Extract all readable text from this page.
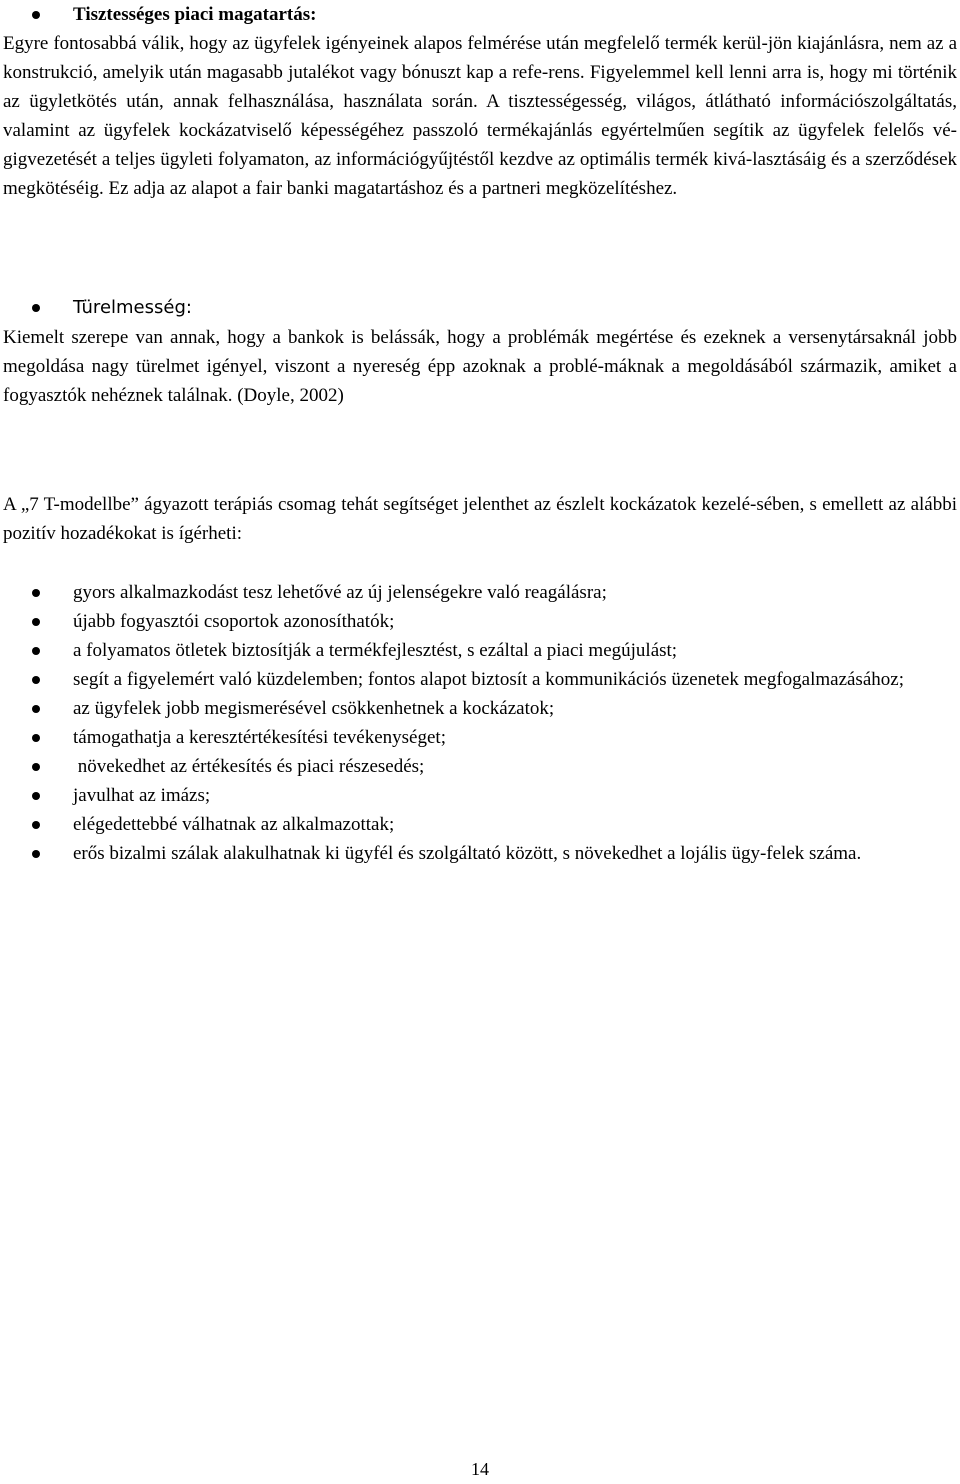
Tisztességes piaci magatartás:

Egyre fontosabbá válik, hogy az ügyfelek igényeinek alapos felmérése után megfelelő termék kerül-jön kiajánlásra, nem az a konstrukció, amelyik után magasabb jutalékot vagy bónuszt kap a refe-rens. Figyelemmel kell lenni arra is, hogy mi történik az ügyletkötés után, annak felhasználása, használata során. A tisztességesség, világos, átlátható információszolgáltatás, valamint az ügyfelek kockázatviselő képességéhez passzoló termékajánlás egyértelműen segítik az ügyfelek felelős vé-gigvezetését a teljes ügyleti folyamaton, az információgyűjtéstől kezdve az optimális termék kivá-lasztásáig és a szerződések megkötéséig. Ez adja az alapot a fair banki magatartáshoz és a partneri megközelítéshez.

Türelmesség:

Kiemelt szerepe van annak, hogy a bankok is belássák, hogy a problémák megértése és ezeknek a versenytársaknál jobb megoldása nagy türelmet igényel, viszont a nyereség épp azoknak a problé-máknak a megoldásából származik, amiket a fogyasztók nehéznek találnak. (Doyle, 2002)

A „7 T-modellbe” ágyazott terápiás csomag tehát segítséget jelenthet az észlelt kockázatok kezelé-sében, s emellett az alábbi pozitív hozadékokat is ígérheti:

gyors alkalmazkodást tesz lehetővé az új jelenségekre való reagálásra;
újabb fogyasztói csoportok azonosíthatók;
a folyamatos ötletek biztosítják a termékfejlesztést, s ezáltal a piaci megújulást;
segít a figyelemért való küzdelemben; fontos alapot biztosít a kommunikációs üzenetek megfogalmazásához;
az ügyfelek jobb megismerésével csökkenhetnek a kockázatok;
támogathatja a keresztértékesítési tevékenységet;
növekedhet az értékesítés és piaci részesedés;
javulhat az imázs;
elégedettebbé válhatnak az alkalmazottak;
erős bizalmi szálak alakulhatnak ki ügyfél és szolgáltató között, s növekedhet a lojális ügy-felek száma.
14
